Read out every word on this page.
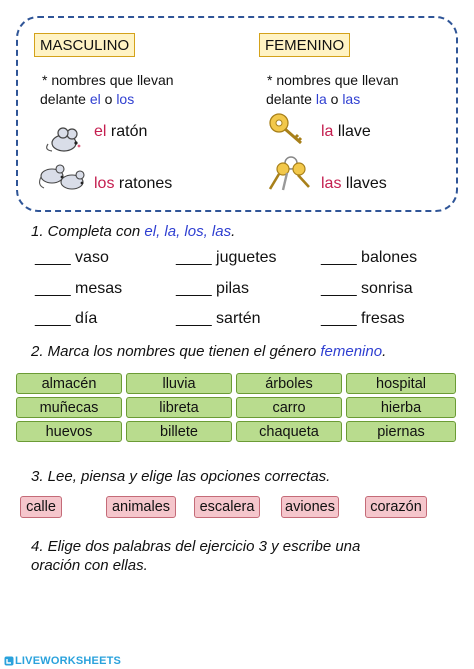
MASCULINO
* nombres que llevan
delante el o los
el ratón
los ratones
FEMENINO
* nombres que llevan
delante la o las
la llave
las llaves
1. Completa con el, la, los, las.
____ vaso	____ juguetes	____ balones
____ mesas	____ pilas	____ sonrisa
____ día	____ sartén	____ fresas
2. Marca los nombres que tienen el género femenino.
almacén	lluvia	árboles	hospital
muñecas	libreta	carro	hierba
huevos	billete	chaqueta	piernas
3. Lee, piensa y elige las opciones correctas.
calle	animales	escalera	aviones	corazón
4. Elige dos palabras del ejercicio 3 y escribe una
oración con ellas.
LIVEWORKSHEETS
